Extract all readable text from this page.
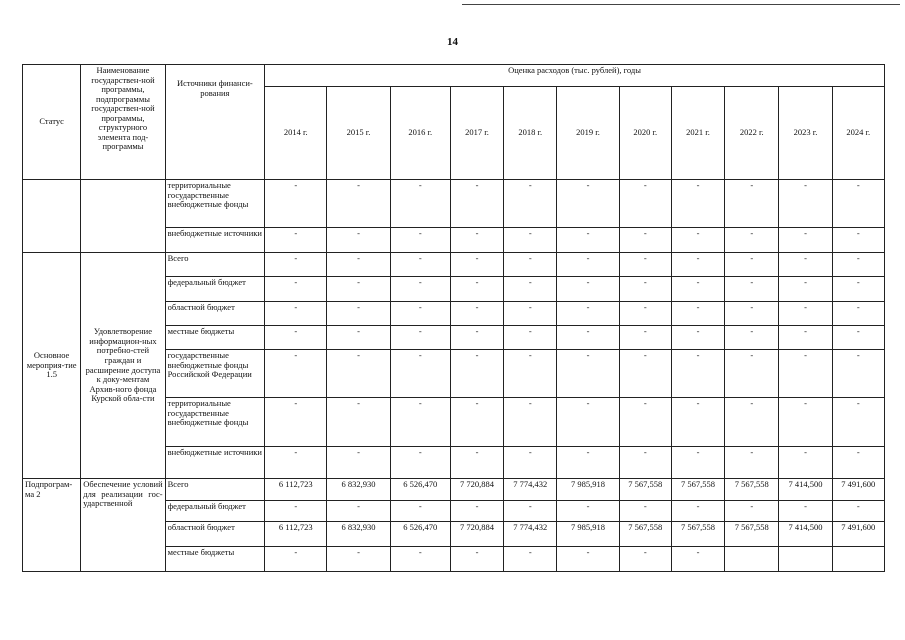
14
Статус	Наименование государствен-ной программы, подпрограммы государствен-ной программы, структурного элемента под-программы	Источники финанси-рования	Оценка расходов (тыс. рублей), годы										
			2014 г.	2015 г.	2016 г.	2017 г.	2018 г.	2019 г.	2020 г.	2021 г.	2022 г.	2023 г.	2024 г.
		территориальные государственные внебюджетные фонды	-	-	-	-	-	-	-	-	-	-	-
		внебюджетные источники	-	-	-	-	-	-	-	-	-	-	-
Основное мероприя-тие 1.5	Удовлетворение информацион-ных потребно-стей граждан и расширение доступа к доку-ментам Архив-ного фонда Курской обла-сти	Всего	-	-	-	-	-	-	-	-	-	-	-
		федеральный бюджет	-	-	-	-	-	-	-	-	-	-	-
		областной бюджет	-	-	-	-	-	-	-	-	-	-	-
		местные бюджеты	-	-	-	-	-	-	-	-	-	-	-
		государственные внебюджетные фонды Российской Федерации	-	-	-	-	-	-	-	-	-	-	-
		территориальные государственные внебюджетные фонды	-	-	-	-	-	-	-	-	-	-	-
		внебюджетные источники	-	-	-	-	-	-	-	-	-	-	-
Подпрограм-ма 2	Обеспечение условий для реализации гос-ударственной	Всего	6 112,723	6 832,930	6 526,470	7 720,884	7 774,432	7 985,918	7 567,558	7 567,558	7 567,558	7 414,500	7 491,600
		федеральный бюджет	-	-	-	-	-	-	-	-	-	-	-
		областной бюджет	6 112,723	6 832,930	6 526,470	7 720,884	7 774,432	7 985,918	7 567,558	7 567,558	7 567,558	7 414,500	7 491,600
		местные бюджеты	-	-	-	-	-	-	-	-			
